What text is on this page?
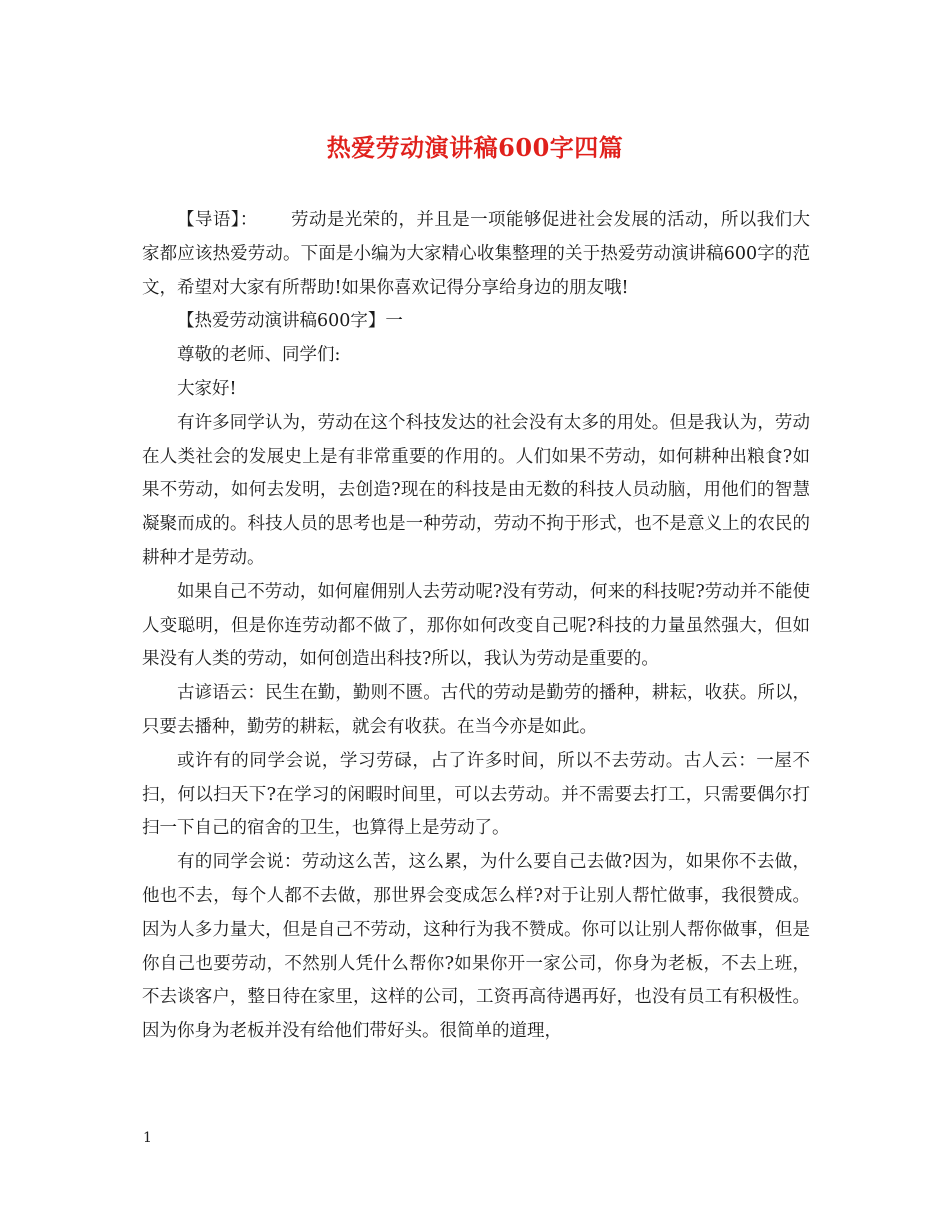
热爱劳动演讲稿600字四篇

【导语】： 劳动是光荣的，并且是一项能够促进社会发展的活动，所以我们大家都应该热爱劳动。下面是小编为大家精心收集整理的关于热爱劳动演讲稿600字的范文，希望对大家有所帮助!如果你喜欢记得分享给身边的朋友哦!

【热爱劳动演讲稿600字】一

尊敬的老师、同学们:

大家好!

有许多同学认为，劳动在这个科技发达的社会没有太多的用处。但是我认为，劳动在人类社会的发展史上是有非常重要的作用的。人们如果不劳动，如何耕种出粮食?如果不劳动，如何去发明，去创造?现在的科技是由无数的科技人员动脑，用他们的智慧凝聚而成的。科技人员的思考也是一种劳动，劳动不拘于形式，也不是意义上的农民的耕种才是劳动。

如果自己不劳动，如何雇佣别人去劳动呢?没有劳动，何来的科技呢?劳动并不能使人变聪明，但是你连劳动都不做了，那你如何改变自己呢?科技的力量虽然强大，但如果没有人类的劳动，如何创造出科技?所以，我认为劳动是重要的。

古谚语云：民生在勤，勤则不匮。古代的劳动是勤劳的播种，耕耘，收获。所以，只要去播种，勤劳的耕耘，就会有收获。在当今亦是如此。

或许有的同学会说，学习劳碌，占了许多时间，所以不去劳动。古人云：一屋不扫，何以扫天下?在学习的闲暇时间里，可以去劳动。并不需要去打工，只需要偶尔打扫一下自己的宿舍的卫生，也算得上是劳动了。

有的同学会说：劳动这么苦，这么累，为什么要自己去做?因为，如果你不去做，他也不去，每个人都不去做，那世界会变成怎么样?对于让别人帮忙做事，我很赞成。因为人多力量大，但是自己不劳动，这种行为我不赞成。你可以让别人帮你做事，但是你自己也要劳动，不然别人凭什么帮你?如果你开一家公司，你身为老板，不去上班，不去谈客户，整日待在家里，这样的公司，工资再高待遇再好，也没有员工有积极性。因为你身为老板并没有给他们带好头。很简单的道理，

1
